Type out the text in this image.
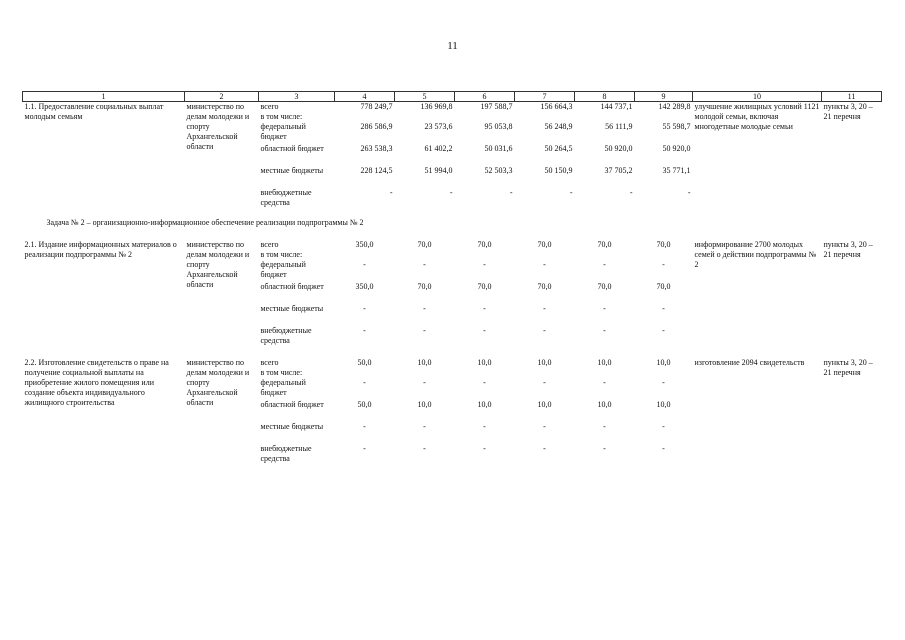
11
1	2	3	4	5	6	7	8	9	10	11
1.1. Предоставление социальных выплат молодым семьям	министерство по делам молодежи и спорту Архангельской области	всего	778 249,7	136 969,8	197 588,7	156 664,3	144 737,1	142 289,8	улучшение жилищных условий 1121 молодой семьи, включая многодетные молодые семьи	пункты 3, 20 – 21 перечня
		в том числе:								
		федеральный бюджет	286 586,9	23 573,6	95 053,8	56 248,9	56 111,9	55 598,7		
		областной бюджет	263 538,3	61 402,2	50 031,6	50 264,5	50 920,0	50 920,0		
		местные бюджеты	228 124,5	51 994,0	52 503,3	50 150,9	37 705,2	35 771,1		
		внебюджетные средства	-	-	-	-	-	-		
Задача № 2 – организационно-информационное обеспечение реализации подпрограммы № 2										
2.1. Издание информационных материалов о реализации подпрограммы № 2	министерство по делам молодежи и спорту Архангельской области	всего	350,0	70,0	70,0	70,0	70,0	70,0	информирование 2700 молодых семей о действии подпрограммы № 2	пункты 3, 20 – 21 перечня
		в том числе:								
		федеральный бюджет	-	-	-	-	-	-		
		областной бюджет	350,0	70,0	70,0	70,0	70,0	70,0		
		местные бюджеты	-	-	-	-	-	-		
		внебюджетные средства	-	-	-	-	-	-		

2.2. Изготовление свидетельств о праве на получение социальной выплаты на приобретение жилого помещения или создание объекта индивидуального жилищного строительства	министерство по делам молодежи и спорту Архангельской области	всего	50,0	10,0	10,0	10,0	10,0	10,0	изготовление 2094 свидетельств	пункты 3, 20 – 21 перечня
		в том числе:								
		федеральный бюджет	-	-	-	-	-	-		
		областной бюджет	50,0	10,0	10,0	10,0	10,0	10,0		
		местные бюджеты	-	-	-	-	-	-		
		внебюджетные средства	-	-	-	-	-	-		
